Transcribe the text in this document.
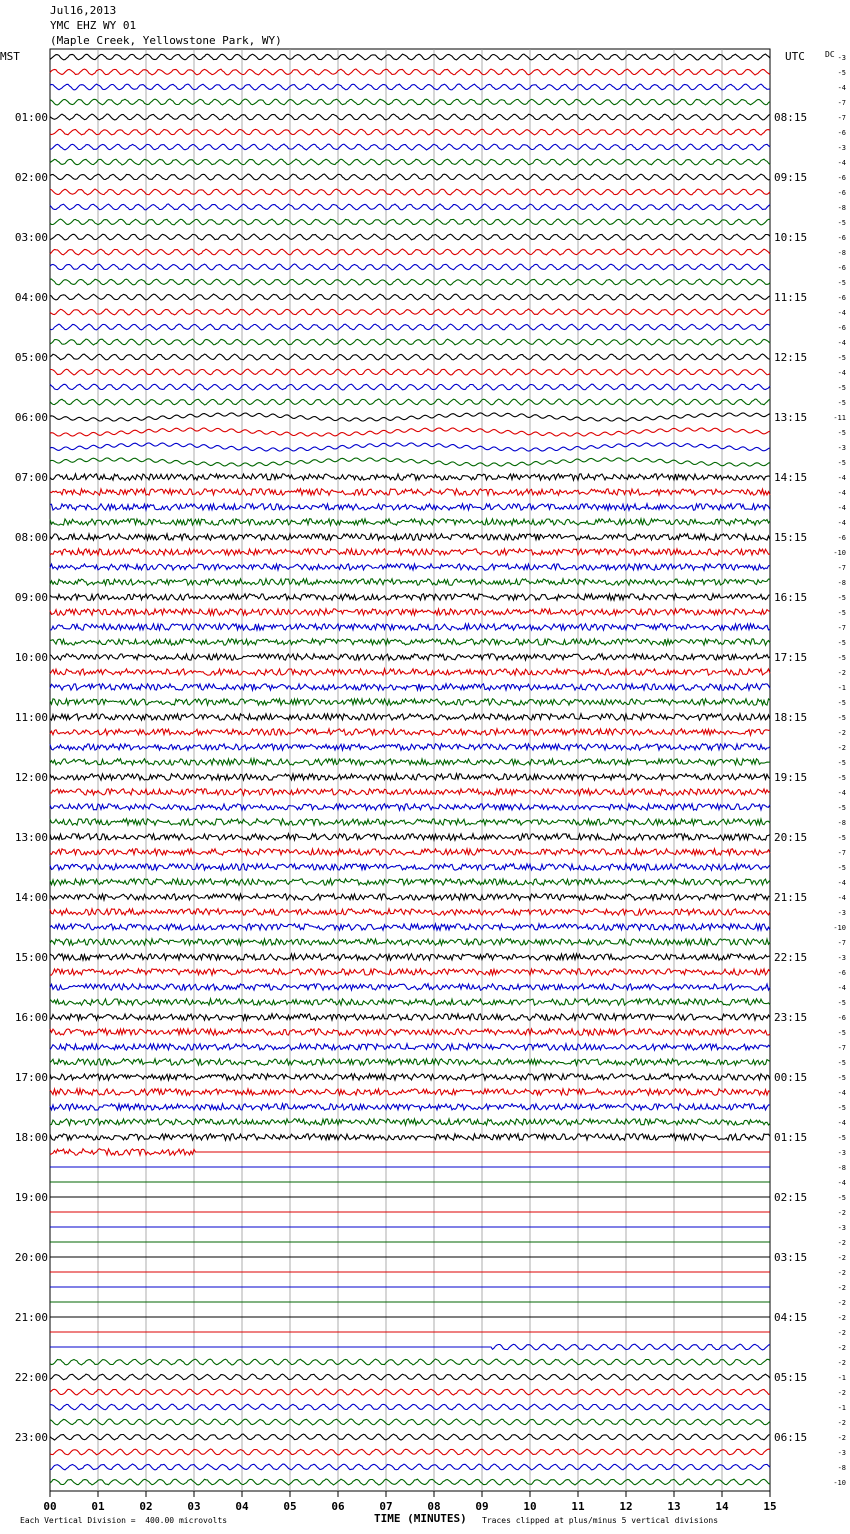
Jul16,2013
YMC EHZ WY 01
(Maple Creek, Yellowstone Park, WY)
MST	UTC	DC
00	01	02	03	04	05	06	07	08	09	10	11	12	13	14	15
-3
-5
-4
-7
-7
-6
-3
-4
-6
-6
-8
-5
-6
-8
-6
-5
-6
-4
-6
-4
-5
-4
-5
-5
-11
-5
-3
-5
-4
-4
-4
-4
-6
-10
-7
-8
-5
-5
-7
-5
-5
-2
-1
-5
-5
-2
-2
-5
-5
-4
-5
-8
-5
-7
-5
-4
-4
-3
-10
-7
-3
-6
-4
-5
-6
-5
-7
-5
-5
-4
-5
-4
-5
-3
-8
-4
-5
-2
-3
-2
-2
-2
-2
-2
-2
-2
-2
-2
-1
-2
-1
-2
-2
-3
-8
-10
01:00
02:00
03:00
04:00
05:00
06:00
07:00
08:00
09:00
10:00
11:00
12:00
13:00
14:00
15:00
16:00
17:00
18:00
19:00
20:00
21:00
22:00
23:00
08:15
09:15
10:15
11:15
12:15
13:15
14:15
15:15
16:15
17:15
18:15
19:15
20:15
21:15
22:15
23:15
00:15
01:15
02:15
03:15
04:15
05:15
06:15
Each Vertical Division =  400.00 microvolts	TIME (MINUTES) Traces clipped at plus/minus 5 vertical divisions
